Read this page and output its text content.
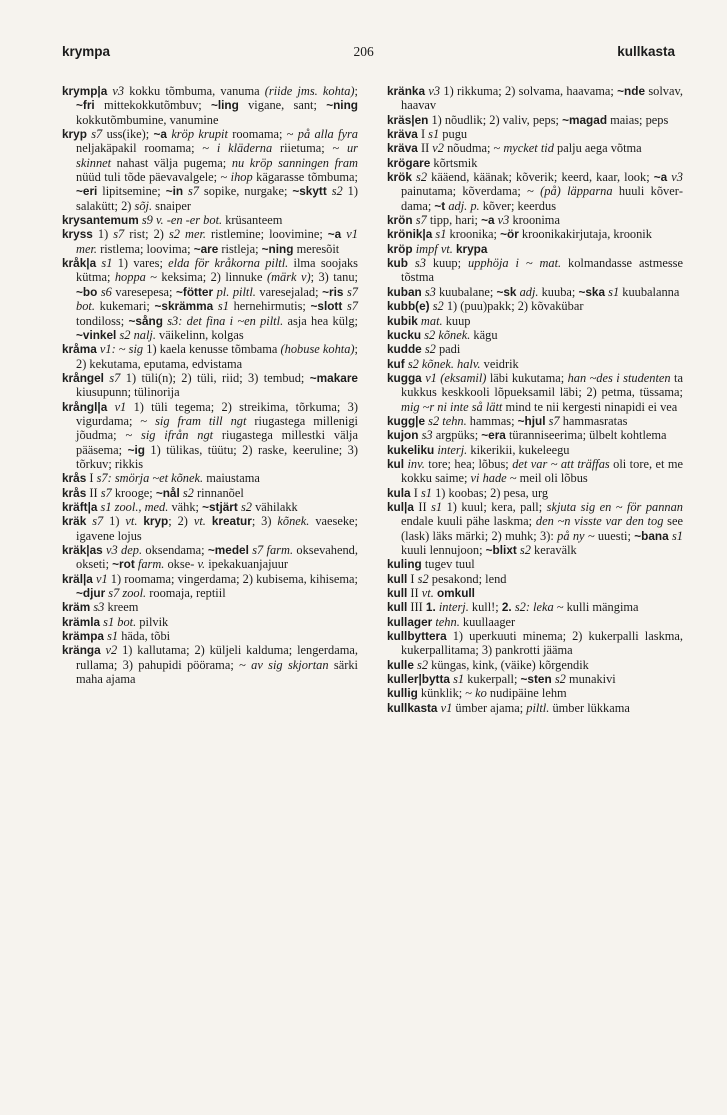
krympa	206	kullkasta

krymp|a v3 kokku tõmbuma, vanuma (riide jms. kohta); ~fri mittekokkutõmbuv; ~ling vigane, sant; ~ning kokkutõmbumine, vanumine

kryp s7 uss(ike); ~a kröp krupit roomama; ~ på alla fyra neljakäpakil roomama; ~ i kläderna riietuma; ~ ur skinnet nahast välja pugema; nu kröp sanningen fram nüüd tuli tõde päevavalgele; ~ ihop kägarasse tõmbuma; ~eri lipitsemine; ~in s7 sopike, nurgake; ~skytt s2 1) salakütt; 2) sõj. snaiper

krysantemum s9 v. -en -er bot. krüsanteem

kryss 1) s7 rist; 2) s2 mer. ristlemine; loovimine; ~a v1 mer. ristlema; loovima; ~are ristleja; ~ning meresõit

kråk|a s1 1) vares; elda för kråkorna piltl. ilma soojaks kütma; hoppa ~ keksima; 2) linnuke (märk v); 3) tanu; ~bo s6 varesepesa; ~fötter pl. piltl. varesejalad; ~ris s7 bot. kukemari; ~skrämma s1 hernehirmutis; ~slott s7 tondiloss; ~sång s3: det fina i ~en piltl. asja hea külg; ~vinkel s2 nalj. väikelinn, kolgas

kråma v1: ~ sig 1) kaela kenusse tõmbama (hobuse kohta); 2) kekutama, eputama, edvistama

krångel s7 1) tüli(n); 2) tüli, riid; 3) tembud; ~makare kiusupunn; tülinorija

krångl|a v1 1) tüli tegema; 2) streikima, tõrkuma; 3) vigurdama; ~ sig fram till ngt riugastega millenigi jõudma; ~ sig ifrån ngt riugastega millestki välja pääsema; ~ig 1) tülikas, tüütu; 2) raske, keeruline; 3) tõrkuv; rikkis

krås I s7: smörja ~et kõnek. maiustama

krås II s7 krooge; ~nål s2 rinnanõel

kräft|a s1 zool., med. vähk; ~stjärt s2 vähilakk

kräk s7 1) vt. kryp; 2) vt. kreatur; 3) kõnek. vaeseke; igavene lojus

kräk|as v3 dep. oksendama; ~medel s7 farm. oksevahend, okseti; ~rot farm. okse- v. ipekakuanjajuur

kräl|a v1 1) roomama; vingerdama; 2) kubisema, kihisema; ~djur s7 zool. roomaja, reptiil

kräm s3 kreem

krämla s1 bot. pilvik

krämpa s1 häda, tõbi

kränga v2 1) kallutama; 2) küljeli kalduma; lengerdama, rullama; 3) pahupidi pöörama; ~ av sig skjortan särki maha ajama

kränka v3 1) rikkuma; 2) solvama, haavama; ~nde solvav, haavav

kräs|en 1) nõudlik; 2) valiv, peps; ~magad maias; peps

kräva I s1 pugu

kräva II v2 nõudma; ~ mycket tid palju aega võtma

krögare kõrtsmik

krök s2 kääend, käänak; kõverik; keerd, kaar, look; ~a v3 painutama; kõverdama; ~ (på) läpparna huuli kõverdama; ~t adj. p. kõver; keerdus

krön s7 tipp, hari; ~a v3 kroonima

krönik|a s1 kroonika; ~ör kroonikakirjutaja, kroonik

kröp impf vt. krypa

kub s3 kuup; upphöja i ~ mat. kolmandasse astmesse tõstma

kuban s3 kuubalane; ~sk adj. kuuba; ~ska s1 kuubalanna

kubb(e) s2 1) (puu)pakk; 2) kõvakübar

kubik mat. kuup

kucku s2 kõnek. kägu

kudde s2 padi

kuf s2 kõnek. halv. veidrik

kugga v1 (eksamil) läbi kukutama; han ~des i studenten ta kukkus keskkooli lõpueksamil läbi; 2) petma, tüssama; mig ~r ni inte så lätt mind te nii kergesti ninapidi ei vea

kugg|e s2 tehn. hammas; ~hjul s7 hammasratas

kujon s3 argpüks; ~era türanniseerima; ülbelt kohtlema

kukeliku interj. kikerikii, kukeleegu

kul inv. tore; hea; lõbus; det var ~ att träffas oli tore, et me kokku saime; vi hade ~ meil oli lõbus

kula I s1 1) koobas; 2) pesa, urg

kul|a II s1 1) kuul; kera, pall; skjuta sig en ~ för pannan endale kuuli pähe laskma; den ~n visste var den tog see (lask) läks märki; 2) muhk; 3): på ny ~ uuesti; ~bana s1 kuuli lennujoon; ~blixt s2 keravälk

kuling tugev tuul

kull I s2 pesakond; lend

kull II vt. omkull

kull III 1. interj. kull!; 2. s2: leka ~ kulli mängima

kullager tehn. kuullaager

kullbyttera 1) uperkuuti minema; 2) kukerpalli laskma, kukerpallitama; 3) pankrotti jääma

kulle s2 küngas, kink, (väike) kõrgendik

kuller|bytta s1 kukerpall; ~sten s2 munakivi

kullig künklik; ~ ko nudipäine lehm

kullkasta v1 ümber ajama; piltl. ümber lükkama
